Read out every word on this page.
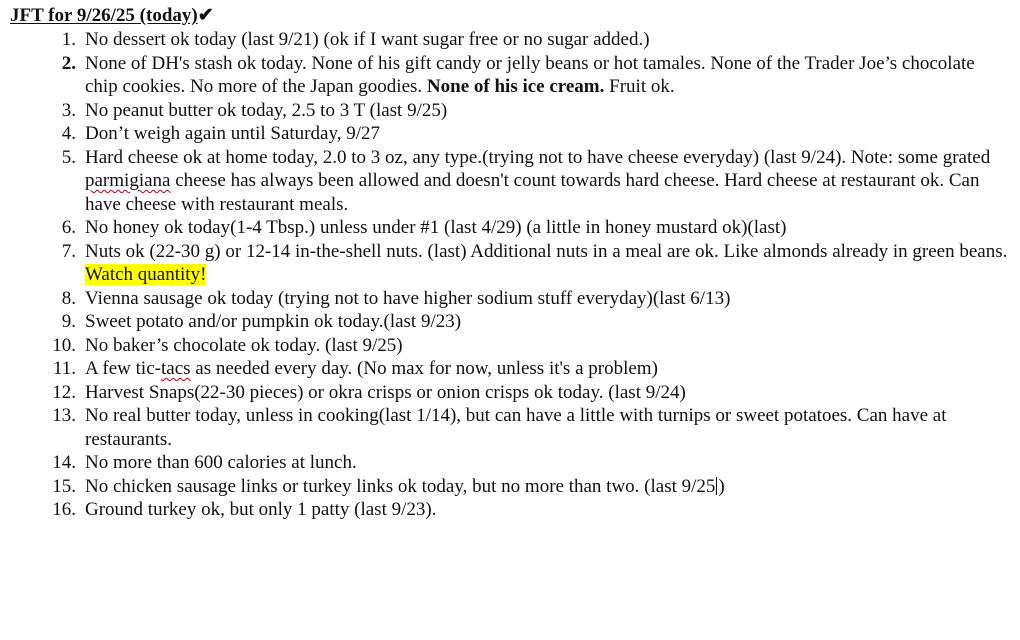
JFT for 9/26/25 (today)✔
1. No dessert ok today (last 9/21) (ok if I want sugar free or no sugar added.)
2. None of DH's stash ok today. None of his gift candy or jelly beans or hot tamales. None of the Trader Joe’s chocolate chip cookies. No more of the Japan goodies. None of his ice cream. Fruit ok.
3. No peanut butter ok today, 2.5 to 3 T (last 9/25)
4. Don’t weigh again until Saturday, 9/27
5. Hard cheese ok at home today, 2.0 to 3 oz, any type.(trying not to have cheese everyday) (last 9/24). Note: some grated parmigiana cheese has always been allowed and doesn't count towards hard cheese. Hard cheese at restaurant ok. Can have cheese with restaurant meals.
6. No honey ok today(1-4 Tbsp.) unless under #1 (last 4/29) (a little in honey mustard ok)(last)
7. Nuts ok (22-30 g) or 12-14 in-the-shell nuts. (last) Additional nuts in a meal are ok. Like almonds already in green beans. Watch quantity!
8. Vienna sausage ok today (trying not to have higher sodium stuff everyday)(last 6/13)
9. Sweet potato and/or pumpkin ok today.(last 9/23)
10. No baker’s chocolate ok today. (last 9/25)
11. A few tic-tacs as needed every day. (No max for now, unless it's a problem)
12. Harvest Snaps(22-30 pieces) or okra crisps or onion crisps ok today. (last 9/24)
13. No real butter today, unless in cooking(last 1/14), but can have a little with turnips or sweet potatoes. Can have at restaurants.
14. No more than 600 calories at lunch.
15. No chicken sausage links or turkey links ok today, but no more than two. (last 9/25 )
16. Ground turkey ok, but only 1 patty (last 9/23).
